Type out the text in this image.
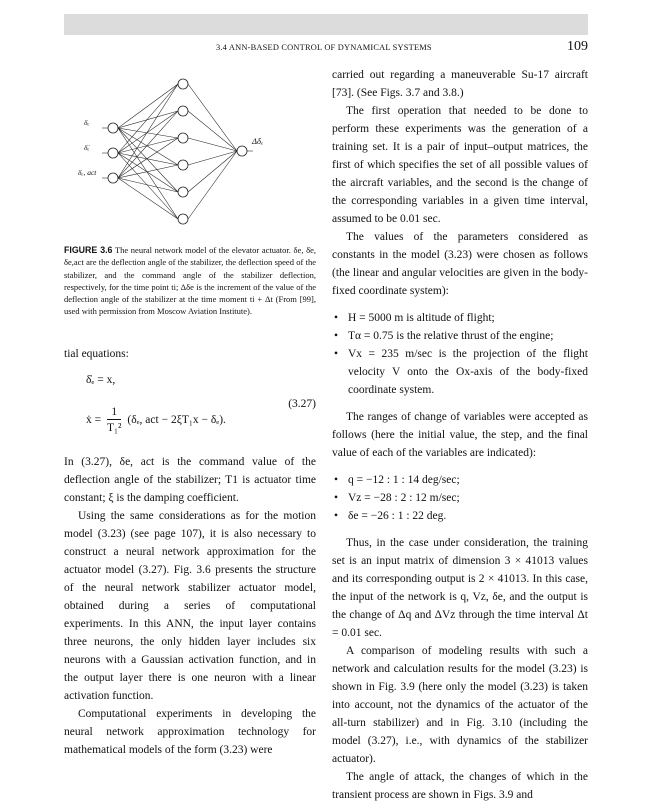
3.4 ANN-BASED CONTROL OF DYNAMICAL SYSTEMS	109
δₑ
δ̇ₑ
δₑ, act
Δδₑ
FIGURE 3.6 The neural network model of the elevator actuator. δe, δ̇e, δe,act are the deflection angle of the stabilizer, the deflection speed of the stabilizer, and the command angle of the stabilizer deflection, respectively, for the time point ti; Δδe is the increment of the value of the deflection angle of the stabilizer at the time moment ti + Δt (From [99], used with permission from Moscow Aviation Institute).

tial equations:

δ̇ₑ = x,
ẋ = $\frac{1}{\text{T₁²}} (\delta_e$, act − 2ξT₁x − δₑ).
(3.27)

In (3.27), δe, act is the command value of the deflection angle of the stabilizer; T1 is actuator time constant; ξ is the damping coefficient.

Using the same considerations as for the motion model (3.23) (see page 107), it is also necessary to construct a neural network approximation for the actuator model (3.27). Fig. 3.6 presents the structure of the neural network stabilizer actuator model, obtained during a series of computational experiments. In this ANN, the input layer contains three neurons, the only hidden layer includes six neurons with a Gaussian activation function, and in the output layer there is one neuron with a linear activation function.

Computational experiments in developing the neural network approximation technology for mathematical models of the form (3.23) were

carried out regarding a maneuverable Su-17 aircraft [73]. (See Figs. 3.7 and 3.8.)

The first operation that needed to be done to perform these experiments was the generation of a training set. It is a pair of input–output matrices, the first of which specifies the set of all possible values of the aircraft variables, and the second is the change of the corresponding variables in a given time interval, assumed to be 0.01 sec.

The values of the parameters considered as constants in the model (3.23) were chosen as follows (the linear and angular velocities are given in the body-fixed coordinate system):

• H = 5000 m is altitude of flight;
• Tα = 0.75 is the relative thrust of the engine;
• Vx = 235 m/sec is the projection of the flight velocity V onto the Ox-axis of the body-fixed coordinate system.

The ranges of change of variables were accepted as follows (here the initial value, the step, and the final value of each of the variables are indicated):

• q = −12 : 1 : 14 deg/sec;
• Vz = −28 : 2 : 12 m/sec;
• δe = −26 : 1 : 22 deg.

Thus, in the case under consideration, the training set is an input matrix of dimension 3 × 41013 values and its corresponding output is 2 × 41013. In this case, the input of the network is q, Vz, δe, and the output is the change of Δq and ΔVz through the time interval Δt = 0.01 sec.

A comparison of modeling results with such a network and calculation results for the model (3.23) is shown in Fig. 3.9 (here only the model (3.23) is taken into account, not the dynamics of the actuator of the all-turn stabilizer) and in Fig. 3.10 (including the model (3.27), i.e., with dynamics of the stabilizer actuator).

The angle of attack, the changes of which in the transient process are shown in Figs. 3.9 and
